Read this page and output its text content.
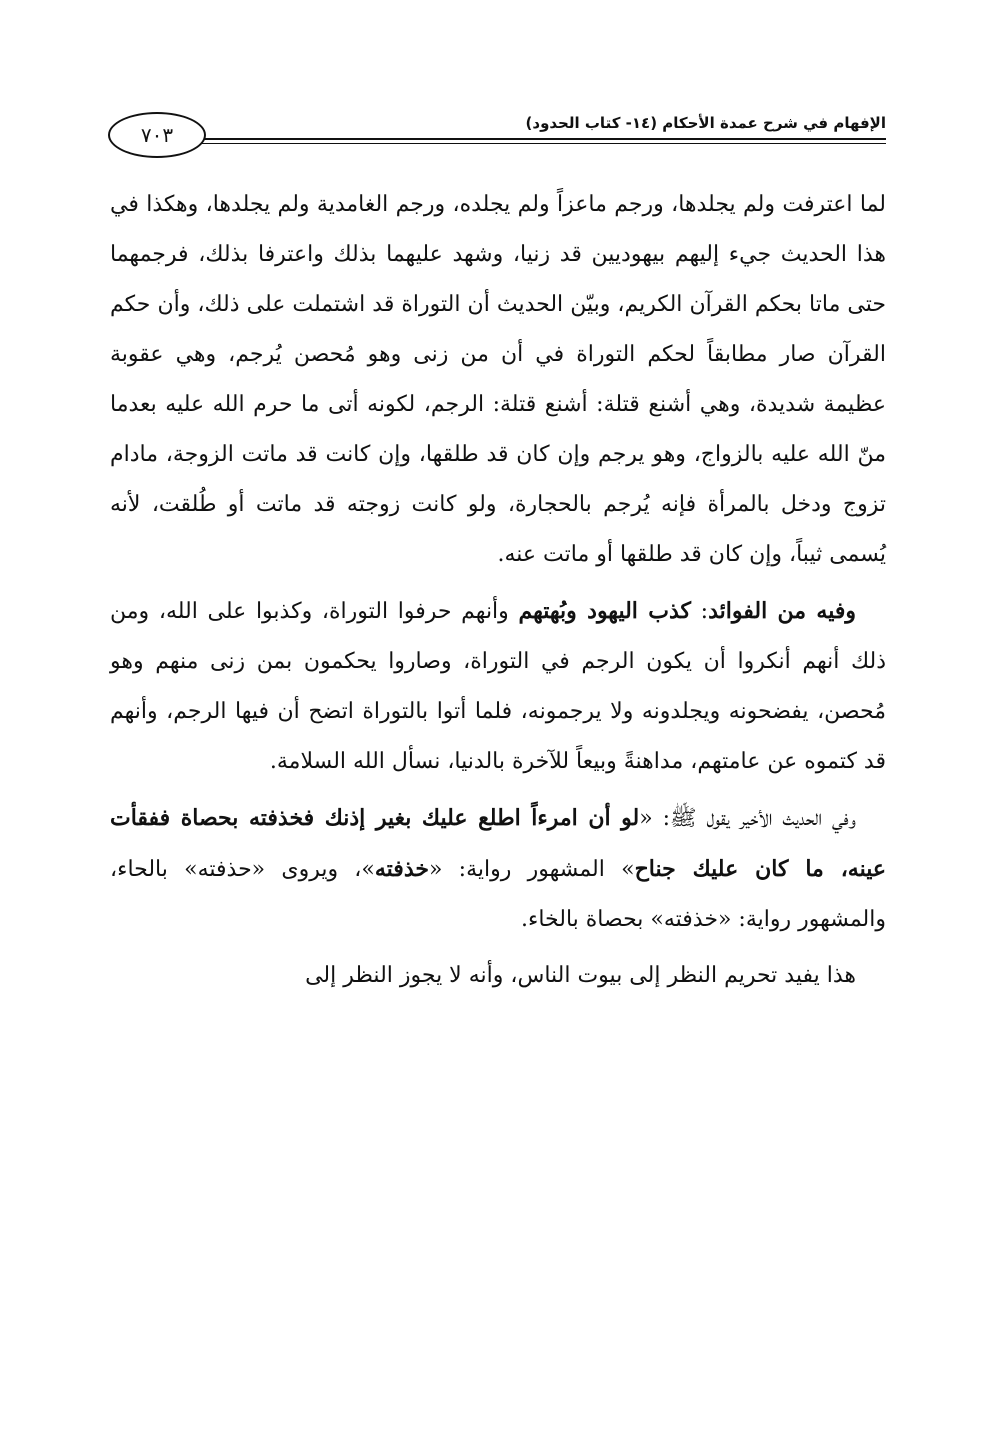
الإفهام في شرح عمدة الأحكام (١٤- كتاب الحدود)
٧٠٣

لما اعترفت ولم يجلدها، ورجم ماعزاً ولم يجلده، ورجم الغامدية ولم يجلدها، وهكذا في هذا الحديث جيء إليهم بيهوديين قد زنيا، وشهد عليهما بذلك واعترفا بذلك، فرجمهما حتى ماتا بحكم القرآن الكريم، وبيّن الحديث أن التوراة قد اشتملت على ذلك، وأن حكم القرآن صار مطابقاً لحكم التوراة في أن من زنى وهو مُحصن يُرجم، وهي عقوبة عظيمة شديدة، وهي أشنع قتلة: أشنع قتلة: الرجم، لكونه أتى ما حرم الله عليه بعدما منّ الله عليه بالزواج، وهو يرجم وإن كان قد طلقها، وإن كانت قد ماتت الزوجة، مادام تزوج ودخل بالمرأة فإنه يُرجم بالحجارة، ولو كانت زوجته قد ماتت أو طُلقت، لأنه يُسمى ثيباً، وإن كان قد طلقها أو ماتت عنه.

وفيه من الفوائد: كذب اليهود وبُهتهم وأنهم حرفوا التوراة، وكذبوا على الله، ومن ذلك أنهم أنكروا أن يكون الرجم في التوراة، وصاروا يحكمون بمن زنى منهم وهو مُحصن، يفضحونه ويجلدونه ولا يرجمونه، فلما أتوا بالتوراة اتضح أن فيها الرجم، وأنهم قد كتموه عن عامتهم، مداهنةً وبيعاً للآخرة بالدنيا، نسأل الله السلامة.

وفي الحديث الأخير يقول ﷺ: «لو أن امرءاً اطلع عليك بغير إذنك فخذفته بحصاة ففقأت عينه، ما كان عليك جناح» المشهور رواية: «خذفته»، ويروى «حذفته» بالحاء، والمشهور رواية: «خذفته» بحصاة بالخاء.

هذا يفيد تحريم النظر إلى بيوت الناس، وأنه لا يجوز النظر إلى
